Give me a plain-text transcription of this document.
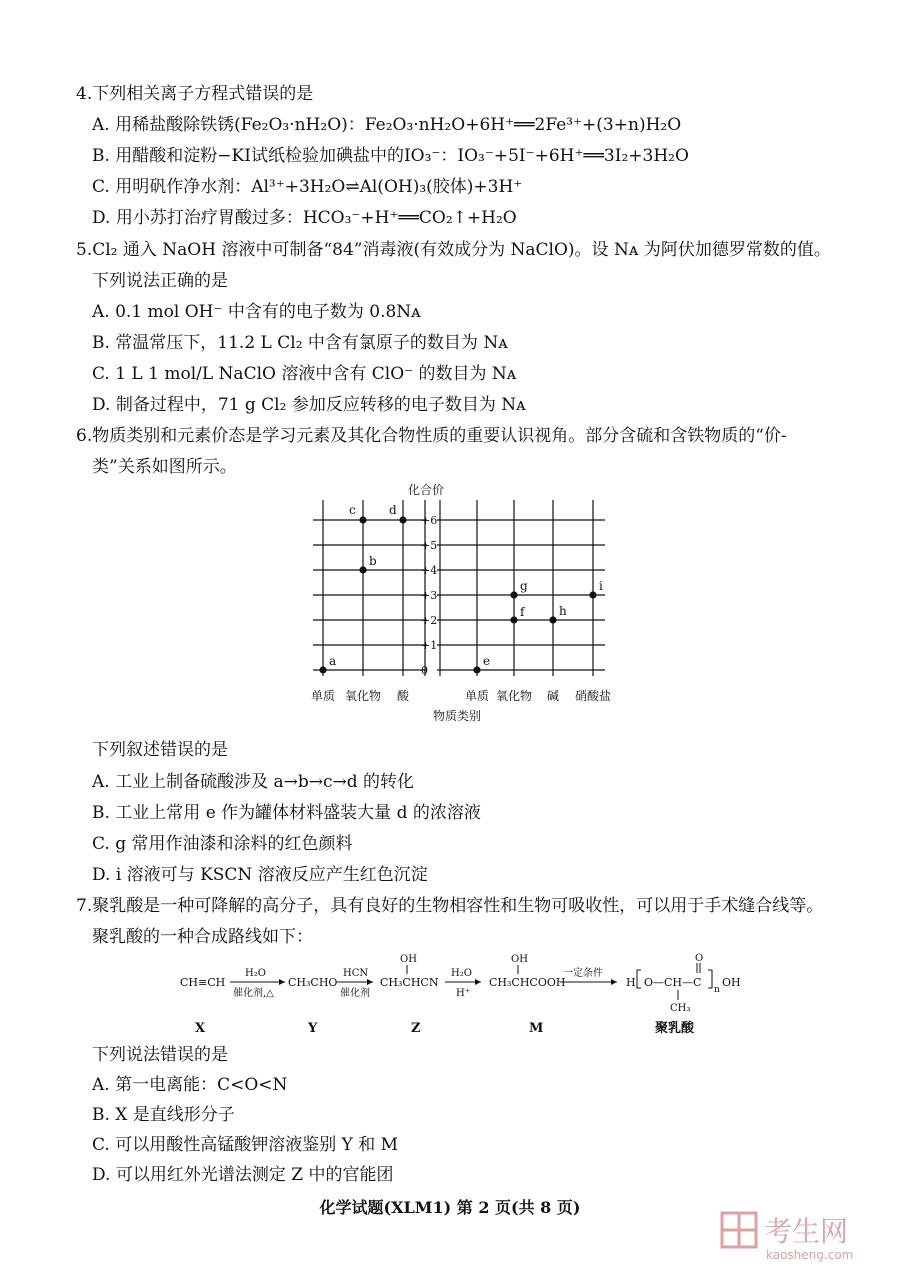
4.下列相关离子方程式错误的是
A. 用稀盐酸除铁锈(Fe₂O₃·nH₂O)：Fe₂O₃·nH₂O+6H⁺══2Fe³⁺+(3+n)H₂O
B. 用醋酸和淀粉−KI试纸检验加碘盐中的IO₃⁻：IO₃⁻+5I⁻+6H⁺══3I₂+3H₂O
C. 用明矾作净水剂：Al³⁺+3H₂O⇌Al(OH)₃(胶体)+3H⁺
D. 用小苏打治疗胃酸过多：HCO₃⁻+H⁺══CO₂↑+H₂O
5.Cl₂ 通入 NaOH 溶液中可制备“84”消毒液(有效成分为 NaClO)。设 Nᴀ 为阿伏加德罗常数的值。
下列说法正确的是
A. 0.1 mol OH⁻ 中含有的电子数为 0.8Nᴀ
B. 常温常压下，11.2 L Cl₂ 中含有氯原子的数目为 Nᴀ
C. 1 L 1 mol/L NaClO 溶液中含有 ClO⁻ 的数目为 Nᴀ
D. 制备过程中，71 g Cl₂ 参加反应转移的电子数目为 Nᴀ
6.物质类别和元素价态是学习元素及其化合物性质的重要认识视角。部分含硫和含铁物质的“价-
类”关系如图所示。
化合价
+6
+5
+4
+3
+2
+1
0
单质 氧化物 酸	单质 氧化物 碱 硝酸盐
物质类别
a
b
c	d
e
f
g
h
i
下列叙述错误的是
A. 工业上制备硫酸涉及 a→b→c→d 的转化
B. 工业上常用 e 作为罐体材料盛装大量 d 的浓溶液
C. g 常用作油漆和涂料的红色颜料
D. i 溶液可与 KSCN 溶液反应产生红色沉淀
7.聚乳酸是一种可降解的高分子，具有良好的生物相容性和生物可吸收性，可以用于手术缝合线等。
聚乳酸的一种合成路线如下：
CH≡CH
H₂O
催化剂,△
CH₃CHO
HCN
催化剂
OH
CH₃CHCN
H₂O
H⁺
OH
CH₃CHCOOH
一定条件
H O—CH—C
O
CH₃
n
OH
X	Y	Z	M	聚乳酸
下列说法错误的是
A. 第一电离能：C<O<N
B. X 是直线形分子
C. 可以用酸性高锰酸钾溶液鉴别 Y 和 M
D. 可以用红外光谱法测定 Z 中的官能团
化学试题(XLM1) 第 2 页(共 8 页)
考生网
kaosheng.com
